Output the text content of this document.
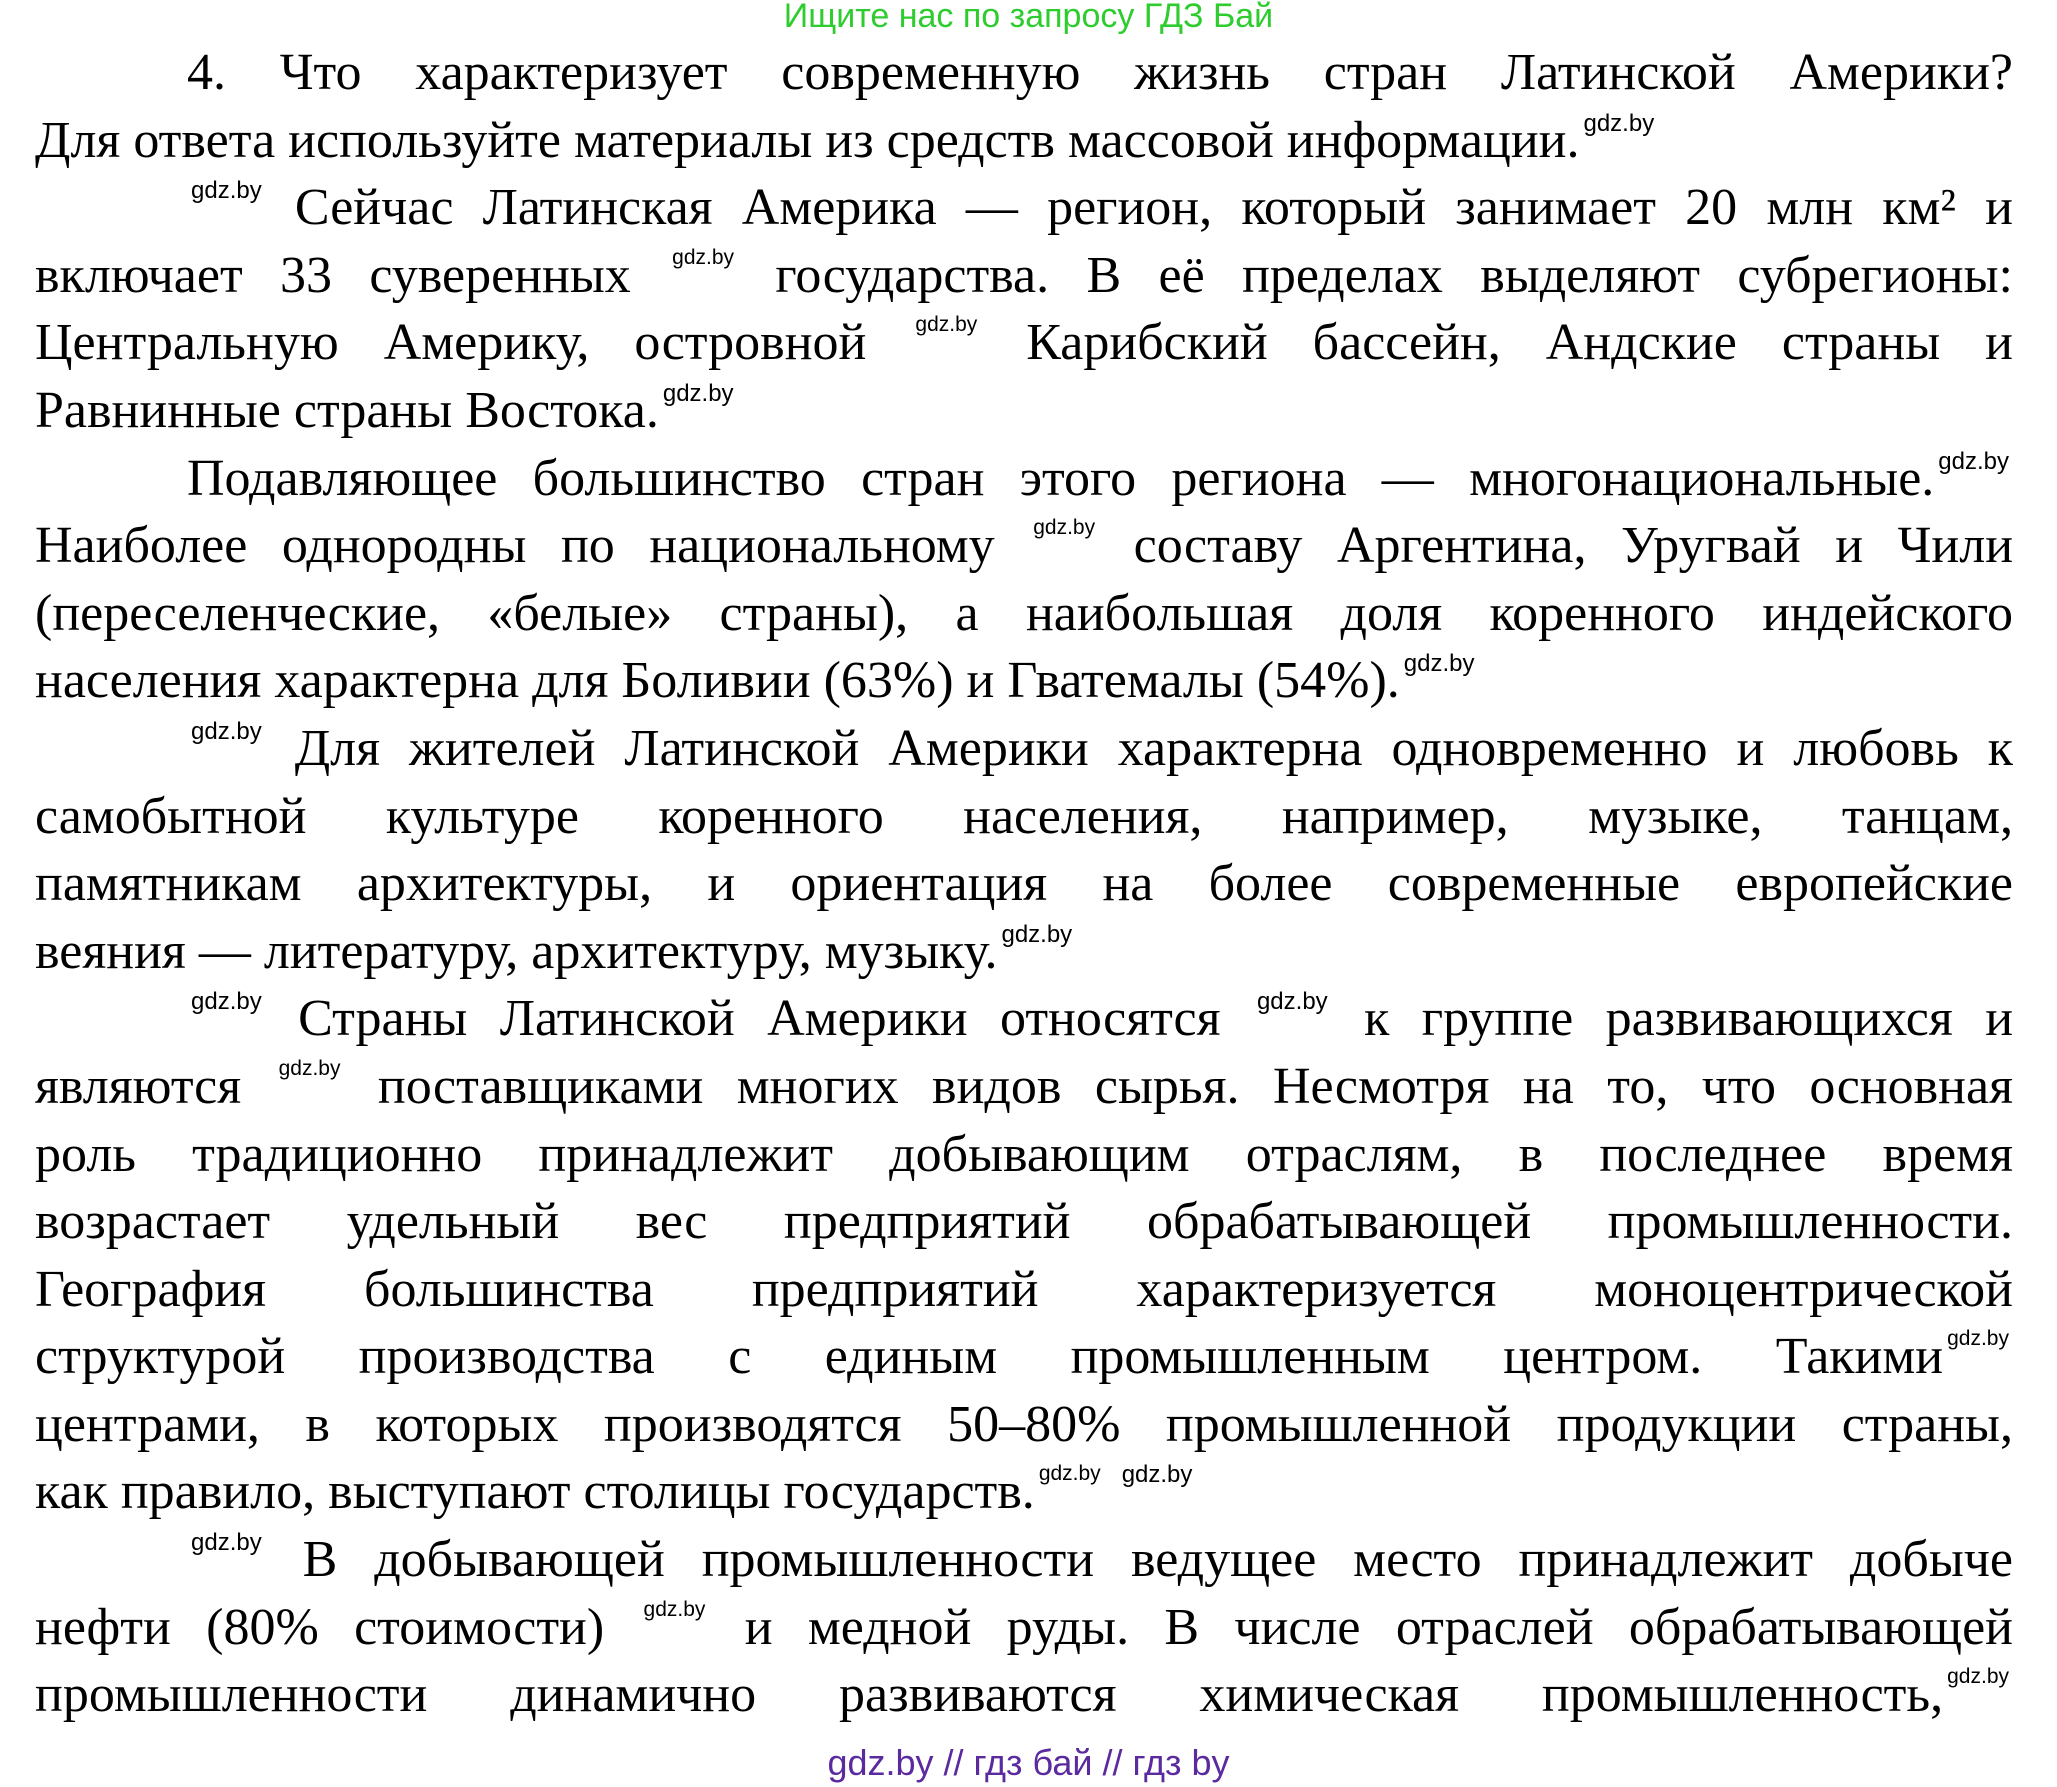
Ищите нас по запросу ГДЗ Бай
4. Что характеризует современную жизнь стран Латинской Америки?
Для ответа используйте материалы из средств массовой информации. $^{gdz.by}$
$^{gdz.by}$ Сейчас Латинская Америка — регион, который занимает 20 млн км² и
включает 33 суверенных $^{gdz.by}$ государства. В её пределах выделяют субрегионы:
Центральную Америку, островной $^{gdz.by}$ Карибский бассейн, Андские страны и
Равнинные страны Востока. $^{gdz.by}$
Подавляющее большинство стран этого региона — многонациональные. $^{gdz.by}$
Наиболее однородны по национальному $^{gdz.by}$ составу Аргентина, Уругвай и Чили
(переселенческие, «белые» страны), а наибольшая доля коренного индейского
населения характерна для Боливии (63%) и Гватемалы (54%). $^{gdz.by}$
$^{gdz.by}$ Для жителей Латинской Америки характерна одновременно и любовь к
самобытной культуре коренного населения, например, музыке, танцам,
памятникам архитектуры, и ориентация на более современные европейские
веяния — литературу, архитектуру, музыку. $^{gdz.by}$
$^{gdz.by}$ Страны Латинской Америки относятся $^{gdz.by}$ к группе развивающихся и
являются $^{gdz.by}$ поставщиками многих видов сырья. Несмотря на то, что основная
роль традиционно принадлежит добывающим отраслям, в последнее время
возрастает удельный вес предприятий обрабатывающей промышленности.
География большинства предприятий характеризуется моноцентрической
структурой производства с единым промышленным центром. Такими $^{gdz.by}$
центрами, в которых производятся 50–80% промышленной продукции страны,
как правило, выступают столицы государств. $^{gdz.by}$ $^{gdz.by}$
$^{gdz.by}$ В добывающей промышленности ведущее место принадлежит добыче
нефти (80% стоимости) $^{gdz.by}$ и медной руды. В числе отраслей обрабатывающей
промышленности динамично развиваются химическая промышленность, $^{gdz.by}$
gdz.by // гдз бай // гдз by
